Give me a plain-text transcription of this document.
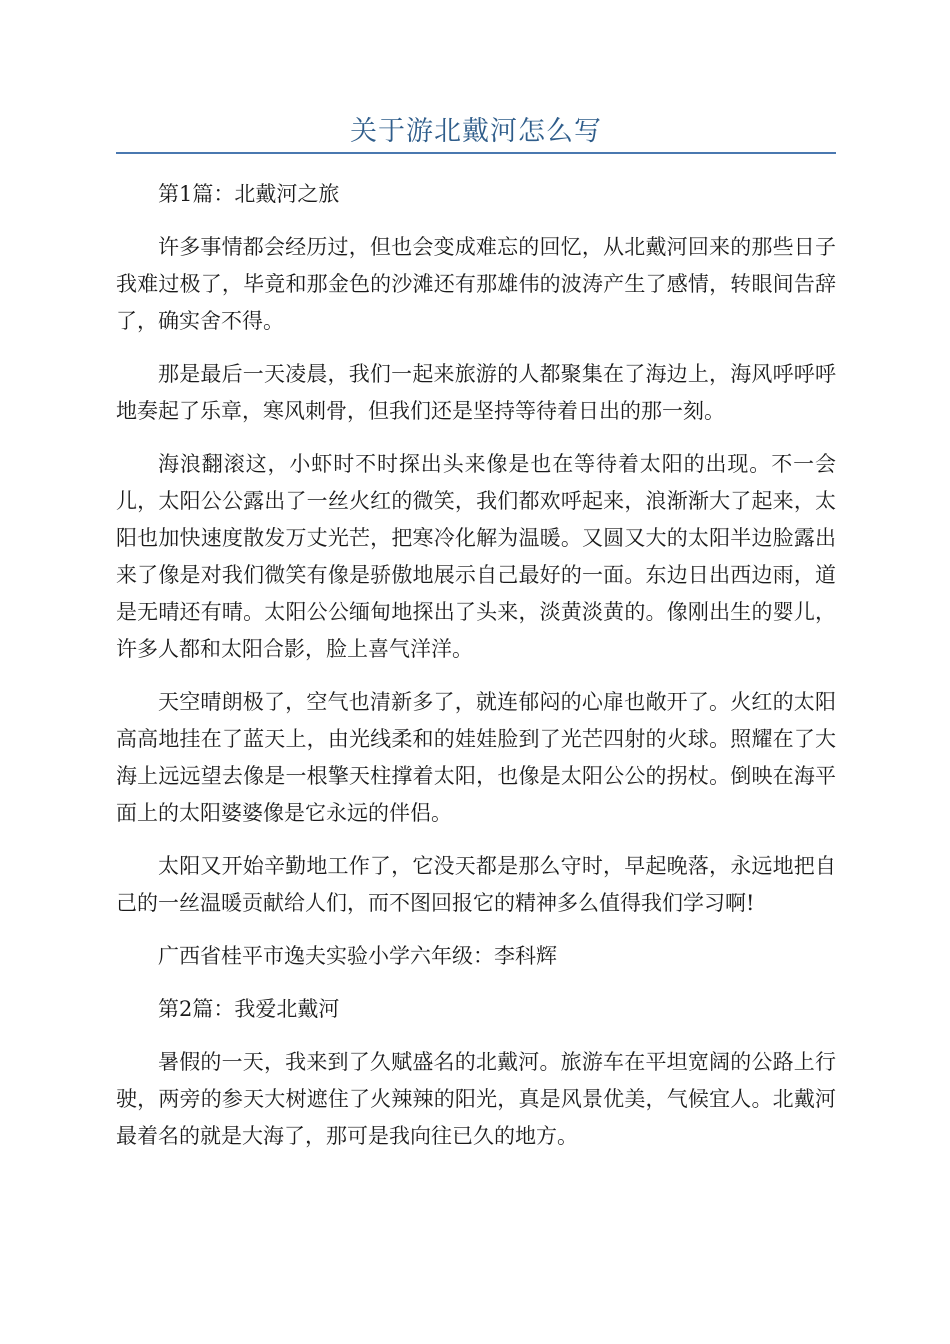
关于游北戴河怎么写

第1篇：北戴河之旅

许多事情都会经历过，但也会变成难忘的回忆，从北戴河回来的那些日子我难过极了，毕竟和那金色的沙滩还有那雄伟的波涛产生了感情，转眼间告辞了，确实舍不得。

那是最后一天凌晨，我们一起来旅游的人都聚集在了海边上，海风呼呼呼地奏起了乐章，寒风刺骨，但我们还是坚持等待着日出的那一刻。

海浪翻滚这，小虾时不时探出头来像是也在等待着太阳的出现。不一会儿，太阳公公露出了一丝火红的微笑，我们都欢呼起来，浪渐渐大了起来，太阳也加快速度散发万丈光芒，把寒冷化解为温暖。又圆又大的太阳半边脸露出来了像是对我们微笑有像是骄傲地展示自己最好的一面。东边日出西边雨，道是无晴还有晴。太阳公公缅甸地探出了头来，淡黄淡黄的。像刚出生的婴儿，许多人都和太阳合影，脸上喜气洋洋。

天空晴朗极了，空气也清新多了，就连郁闷的心扉也敞开了。火红的太阳高高地挂在了蓝天上，由光线柔和的娃娃脸到了光芒四射的火球。照耀在了大海上远远望去像是一根擎天柱撑着太阳，也像是太阳公公的拐杖。倒映在海平面上的太阳婆婆像是它永远的伴侣。

太阳又开始辛勤地工作了，它没天都是那么守时，早起晚落，永远地把自己的一丝温暖贡献给人们，而不图回报它的精神多么值得我们学习啊!

广西省桂平市逸夫实验小学六年级：李科辉

第2篇：我爱北戴河

暑假的一天，我来到了久赋盛名的北戴河。旅游车在平坦宽阔的公路上行驶，两旁的参天大树遮住了火辣辣的阳光，真是风景优美，气候宜人。北戴河最着名的就是大海了，那可是我向往已久的地方。
